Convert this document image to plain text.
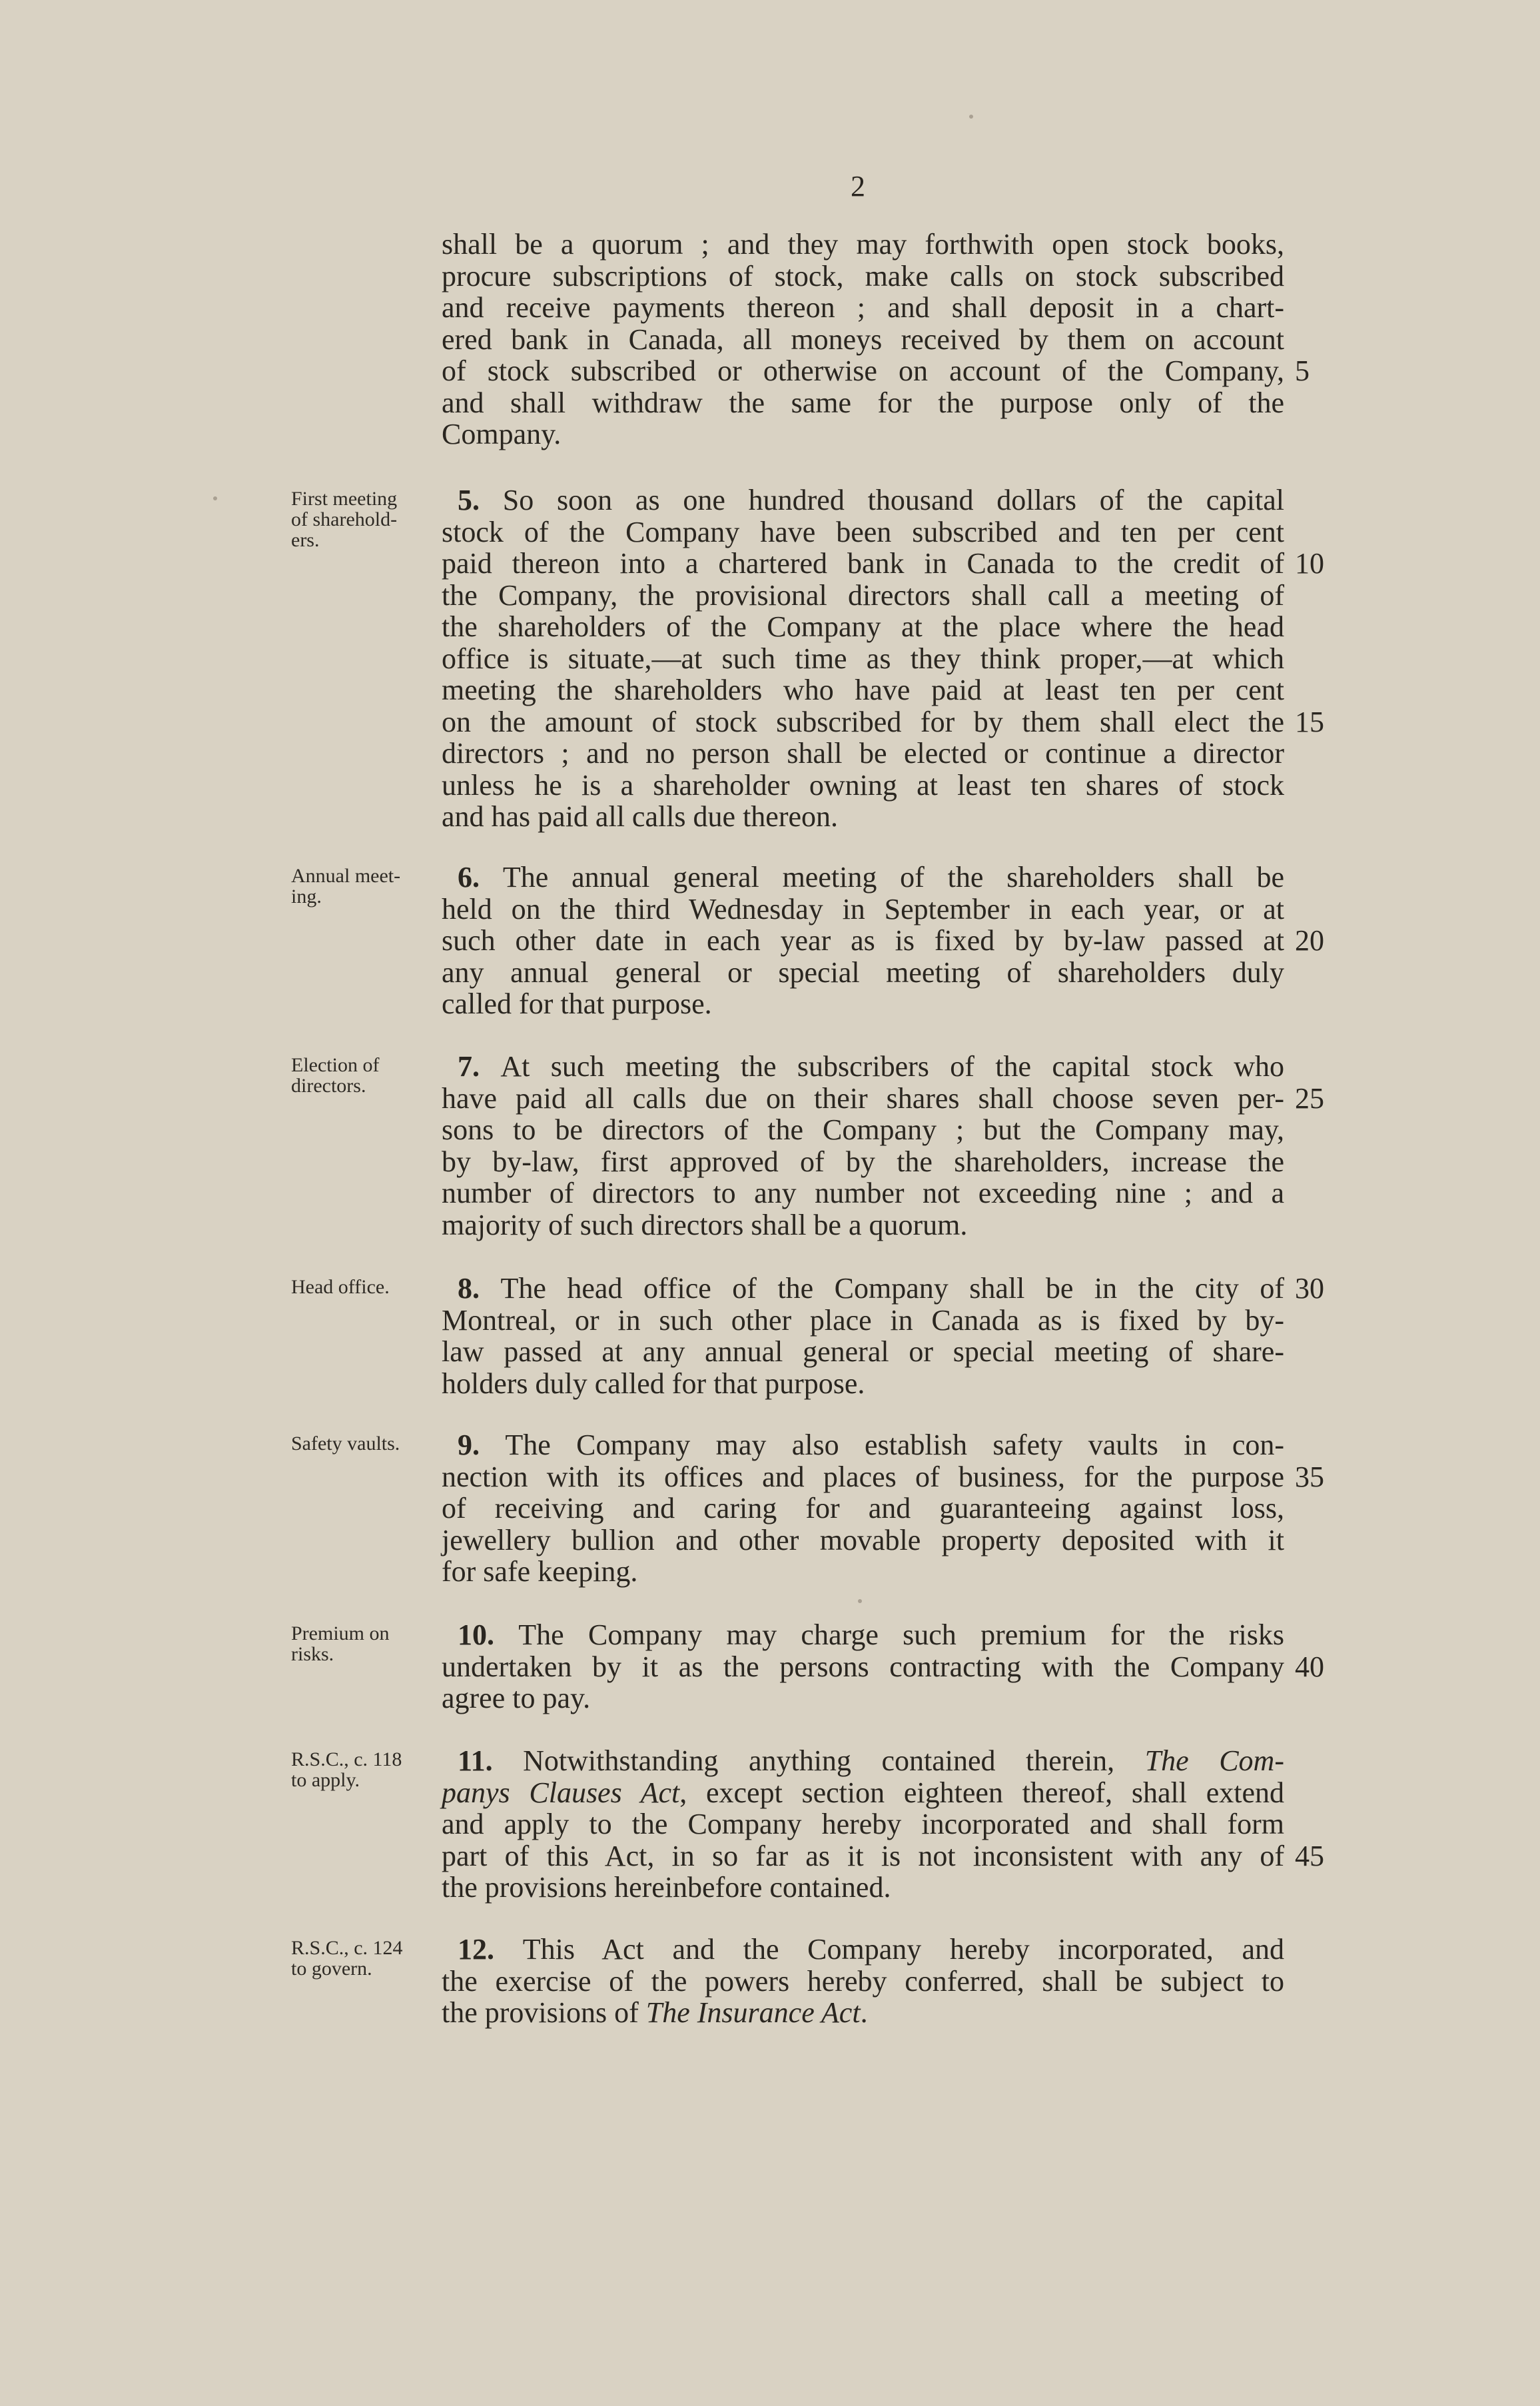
2
shall be a quorum ; and they may forthwith open stock books,
procure subscriptions of stock, make calls on stock subscribed
and receive payments thereon ; and shall deposit in a chart-
ered bank in Canada, all moneys received by them on account
of stock subscribed or otherwise on account of the Company,
and shall withdraw the same for the purpose only of the
Company.
5
First meeting
of sharehold-
ers.
5. So soon as one hundred thousand dollars of the capital
stock of the Company have been subscribed and ten per cent
paid thereon into a chartered bank in Canada to the credit of
the Company, the provisional directors shall call a meeting of
the shareholders of the Company at the place where the head
office is situate,—at such time as they think proper,—at which
meeting the shareholders who have paid at least ten per cent
on the amount of stock subscribed for by them shall elect the
directors ; and no person shall be elected or continue a director
unless he is a shareholder owning at least ten shares of stock
and has paid all calls due thereon.
10
15
Annual meet-
ing.
6. The annual general meeting of the shareholders shall be
held on the third Wednesday in September in each year, or at
such other date in each year as is fixed by by-law passed at
any annual general or special meeting of shareholders duly
called for that purpose.
20
Election of
directors.
7. At such meeting the subscribers of the capital stock who
have paid all calls due on their shares shall choose seven per-
sons to be directors of the Company ; but the Company may,
by by-law, first approved of by the shareholders, increase the
number of directors to any number not exceeding nine ; and a
majority of such directors shall be a quorum.
25
Head office.	8. The head office of the Company shall be in the city of
Montreal, or in such other place in Canada as is fixed by by-
law passed at any annual general or special meeting of share-
holders duly called for that purpose.
30
Safety vaults.	9. The Company may also establish safety vaults in con-
nection with its offices and places of business, for the purpose
of receiving and caring for and guaranteeing against loss,
jewellery bullion and other movable property deposited with it
for safe keeping.
35
Premium on
risks.
10. The Company may charge such premium for the risks
undertaken by it as the persons contracting with the Company
agree to pay.
40
R.S.C., c. 118
to apply.
11. Notwithstanding anything contained therein, The Com-
panys Clauses Act, except section eighteen thereof, shall extend
and apply to the Company hereby incorporated and shall form
part of this Act, in so far as it is not inconsistent with any of
the provisions hereinbefore contained.
45
R.S.C., c. 124
to govern.
12. This Act and the Company hereby incorporated, and
the exercise of the powers hereby conferred, shall be subject to
the provisions of The Insurance Act.
